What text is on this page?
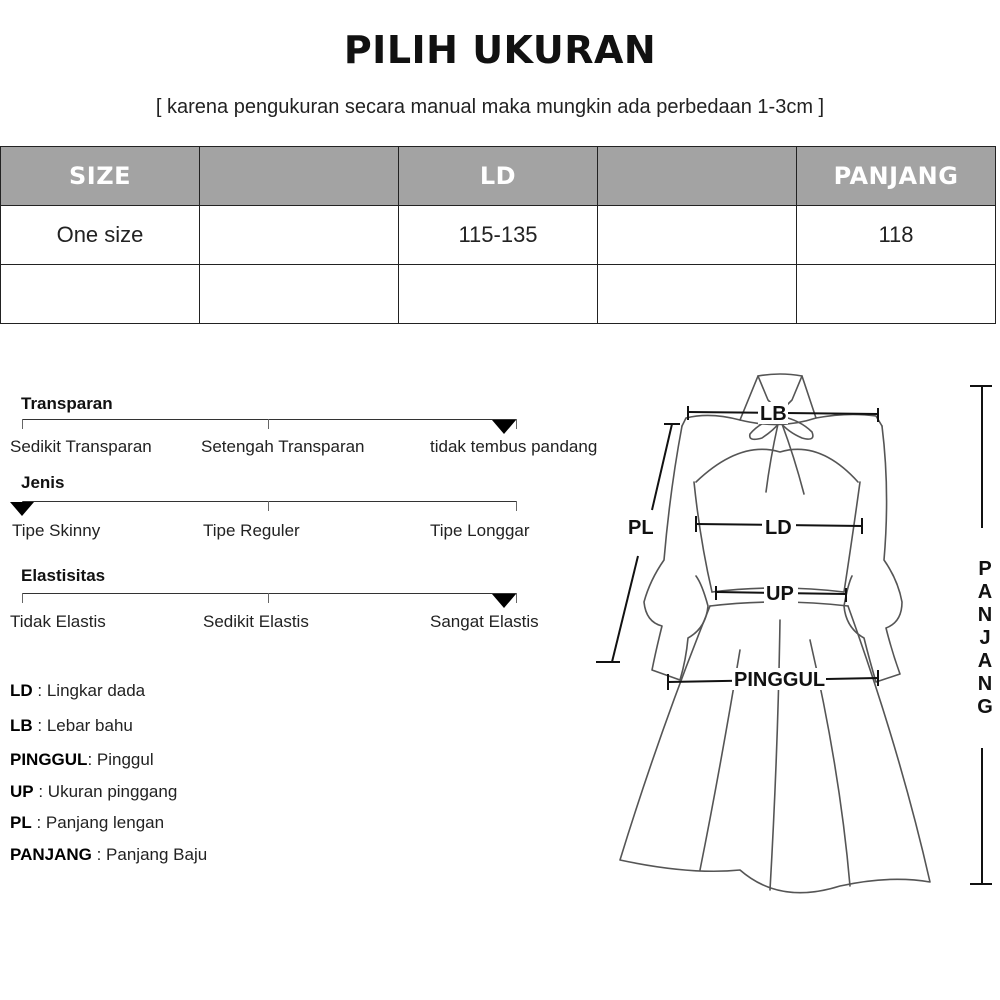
PILIH UKURAN
[ karena pengukuran secara manual maka mungkin ada perbedaan 1-3cm ]
SIZE		LD		PANJANG
One size		115-135		118

Transparan
Sedikit Transparan	Setengah Transparan	tidak tembus pandang
Jenis
Tipe Skinny	Tipe Reguler	Tipe Longgar
Elastisitas
Tidak Elastis	Sedikit Elastis	Sangat Elastis
LD : Lingkar dada
LB : Lebar bahu
PINGGUL: Pinggul
UP : Ukuran pinggang
PL : Panjang lengan
PANJANG : Panjang Baju
LB
PL	LD
UP
PINGGUL
P
A
N
J
A
N
G
